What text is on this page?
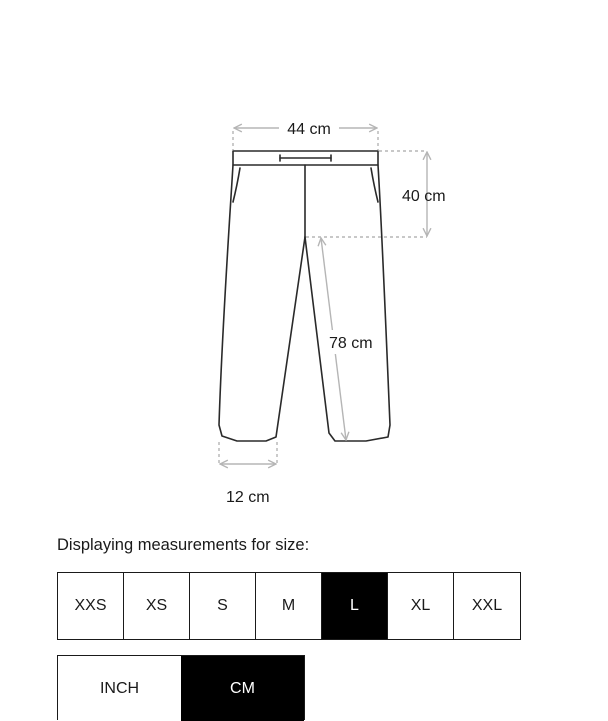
44 cm
40 cm
78 cm
12 cm
Displaying measurements for size:
XXS	XS	S	M	L	XL	XXL
INCH	CM
